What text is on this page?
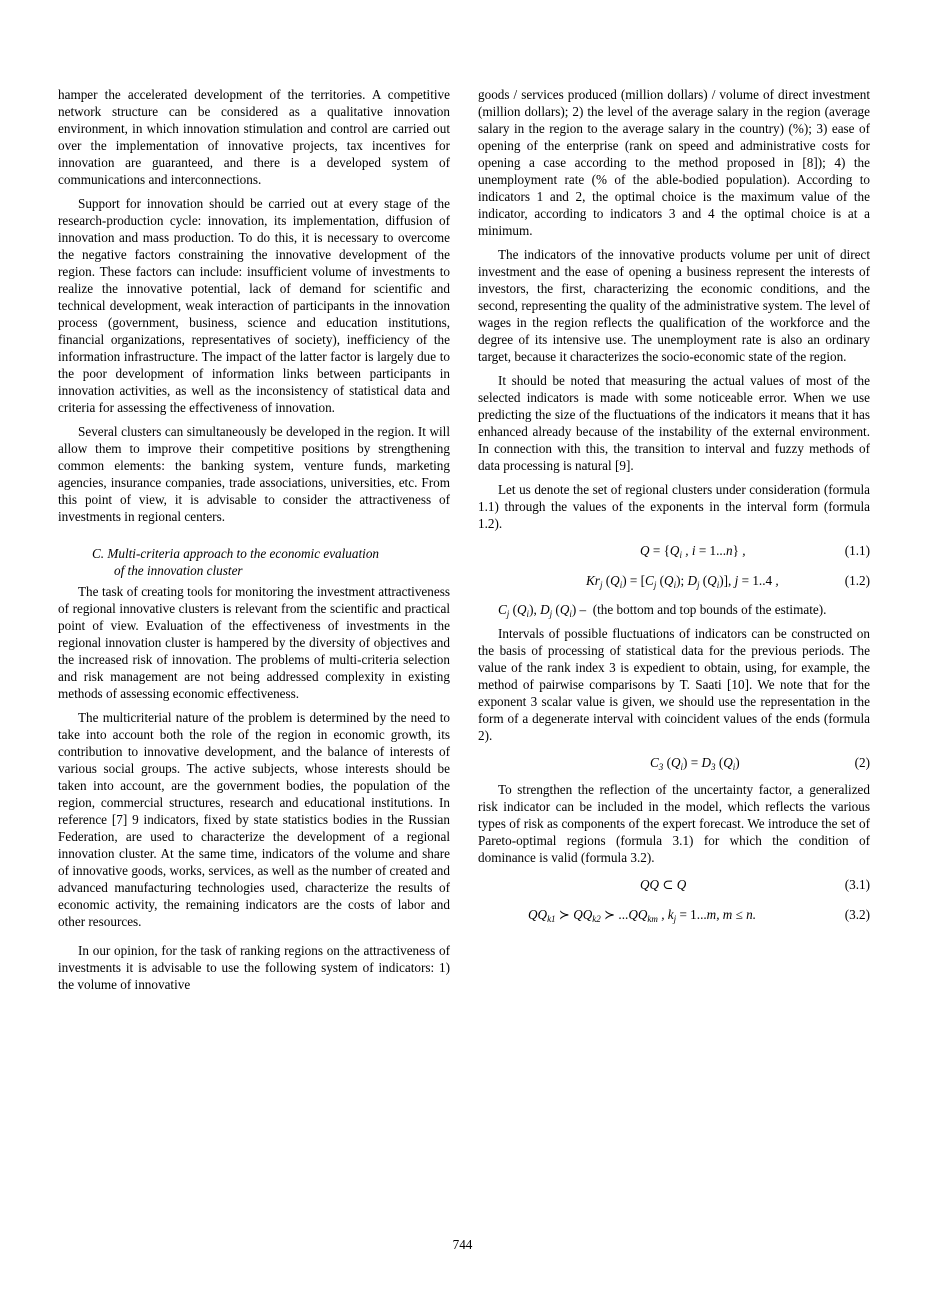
hamper the accelerated development of the territories. A competitive network structure can be considered as a qualitative innovation environment, in which innovation stimulation and control are carried out over the implementation of innovative projects, tax incentives for innovation are guaranteed, and there is a developed system of communications and interconnections.

Support for innovation should be carried out at every stage of the research-production cycle: innovation, its implementation, diffusion of innovation and mass production. To do this, it is necessary to overcome the negative factors constraining the innovative development of the region. These factors can include: insufficient volume of investments to realize the innovative potential, lack of demand for scientific and technical development, weak interaction of participants in the innovation process (government, business, science and education institutions, financial organizations, representatives of society), inefficiency of the information infrastructure. The impact of the latter factor is largely due to the poor development of information links between participants in innovation activities, as well as the inconsistency of statistical data and criteria for assessing the effectiveness of innovation.

Several clusters can simultaneously be developed in the region. It will allow them to improve their competitive positions by strengthening common elements: the banking system, venture funds, marketing agencies, insurance companies, trade associations, universities, etc. From this point of view, it is advisable to consider the attractiveness of investments in regional centers.

C. Multi-criteria approach to the economic evaluation
of the innovation cluster

The task of creating tools for monitoring the investment attractiveness of regional innovative clusters is relevant from the scientific and practical point of view. Evaluation of the effectiveness of investments in the regional innovation cluster is hampered by the diversity of objectives and the increased risk of innovation. The problems of multi-criteria selection and risk management are not being addressed complexity in existing methods of assessing economic effectiveness.

The multicriterial nature of the problem is determined by the need to take into account both the role of the region in economic growth, its contribution to innovative development, and the balance of interests of various social groups. The active subjects, whose interests should be taken into account, are the government bodies, the population of the region, commercial structures, research and educational institutions. In reference [7] 9 indicators, fixed by state statistics bodies in the Russian Federation, are used to characterize the development of a regional innovation cluster. At the same time, indicators of the volume and share of innovative goods, works, services, as well as the number of created and advanced manufacturing technologies used, characterize the results of economic activity, the remaining indicators are the costs of labor and other resources.

In our opinion, for the task of ranking regions on the attractiveness of investments it is advisable to use the following system of indicators: 1) the volume of innovative

goods / services produced (million dollars) / volume of direct investment (million dollars); 2) the level of the average salary in the region (average salary in the region to the average salary in the country) (%); 3) ease of opening of the enterprise (rank on speed and administrative costs for opening a case according to the method proposed in [8]); 4) the unemployment rate (% of the able-bodied population). According to indicators 1 and 2, the optimal choice is the maximum value of the indicator, according to indicators 3 and 4 the optimal choice is at a minimum.

The indicators of the innovative products volume per unit of direct investment and the ease of opening a business represent the interests of investors, the first, characterizing the economic conditions, and the second, representing the quality of the administrative system. The level of wages in the region reflects the qualification of the workforce and the degree of its intensive use. The unemployment rate is also an ordinary target, because it characterizes the socio-economic state of the region.

It should be noted that measuring the actual values of most of the selected indicators is made with some noticeable error. When we use predicting the size of the fluctuations of the indicators it means that it has enhanced already because of the instability of the external environment. In connection with this, the transition to interval and fuzzy methods of data processing is natural [9].

Let us denote the set of regional clusters under consideration (formula 1.1) through the values of the exponents in the interval form (formula 1.2).

$Q = \{Q_i$ , i = 1...n} ,	(1.1)
$Kr_j$ $(Q_i) = [C_j$ $(Q_i)$; $D_j$ $(Q_i)$], j = 1..4 ,	(1.2)

$C_j$ $(Q_i)$, $D_j$ $(Q_i) - (the$ bottom and top bounds of the estimate).

Intervals of possible fluctuations of indicators can be constructed on the basis of processing of statistical data for the previous periods. The value of the rank index 3 is expedient to obtain, using, for example, the method of pairwise comparisons by T. Saati [10]. We note that for the exponent 3 scalar value is given, we should use the representation in the form of a degenerate interval with coincident values of the ends (formula 2).

$C_3$ $(Q_i) = D_3$ $(Q_i)$	(2)

To strengthen the reflection of the uncertainty factor, a generalized risk indicator can be included in the model, which reflects the various types of risk as components of the expert forecast. We introduce the set of Pareto-optimal regions (formula 3.1) for which the condition of dominance is valid (formula 3.2).

QQ ⊂ Q	(3.1)
$QQ_{k1}$ ≻ $QQ_{k2}$ ≻ $...QQ_{km}$ , $k_j = 1...m$, m ≤ n.	(3.2)
744
